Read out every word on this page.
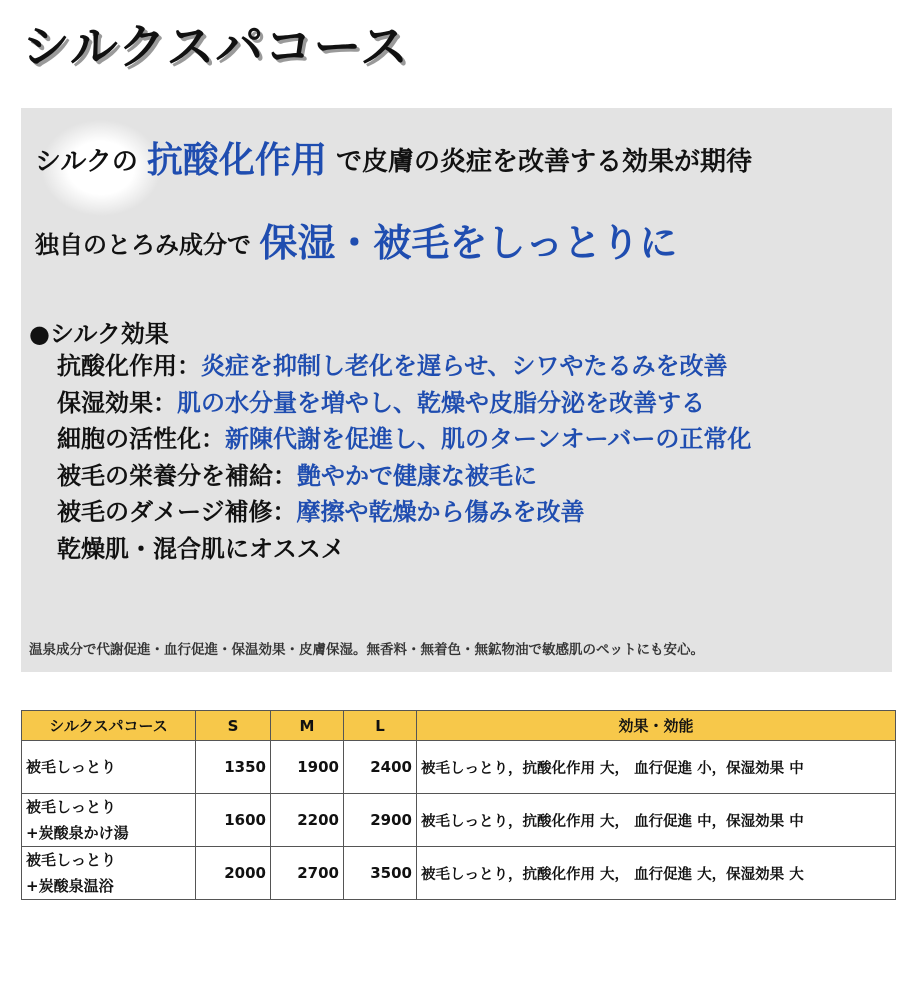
シルクスパコース
シルクの 抗酸化作用 で皮膚の炎症を改善する効果が期待
独自のとろみ成分で 保湿・被毛をしっとりに
●シルク効果
抗酸化作用：炎症を抑制し老化を遅らせ、シワやたるみを改善
保湿効果：肌の水分量を増やし、乾燥や皮脂分泌を改善する
細胞の活性化：新陳代謝を促進し、肌のターンオーバーの正常化
被毛の栄養分を補給：艶やかで健康な被毛に
被毛のダメージ補修：摩擦や乾燥から傷みを改善
乾燥肌・混合肌にオススメ
温泉成分で代謝促進・血行促進・保温効果・皮膚保湿。無香料・無着色・無鉱物油で敏感肌のペットにも安心。
シルクスパコース	S	M	L	効果・効能

被毛しっとり	1350	1900	2400	被毛しっとり，抗酸化作用 大， 血行促進 小，保湿効果 中

被毛しっとり
+炭酸泉かけ湯	1600	2200	2900	被毛しっとり，抗酸化作用 大， 血行促進 中，保湿効果 中

被毛しっとり
+炭酸泉温浴	2000	2700	3500	被毛しっとり，抗酸化作用 大， 血行促進 大，保湿効果 大
